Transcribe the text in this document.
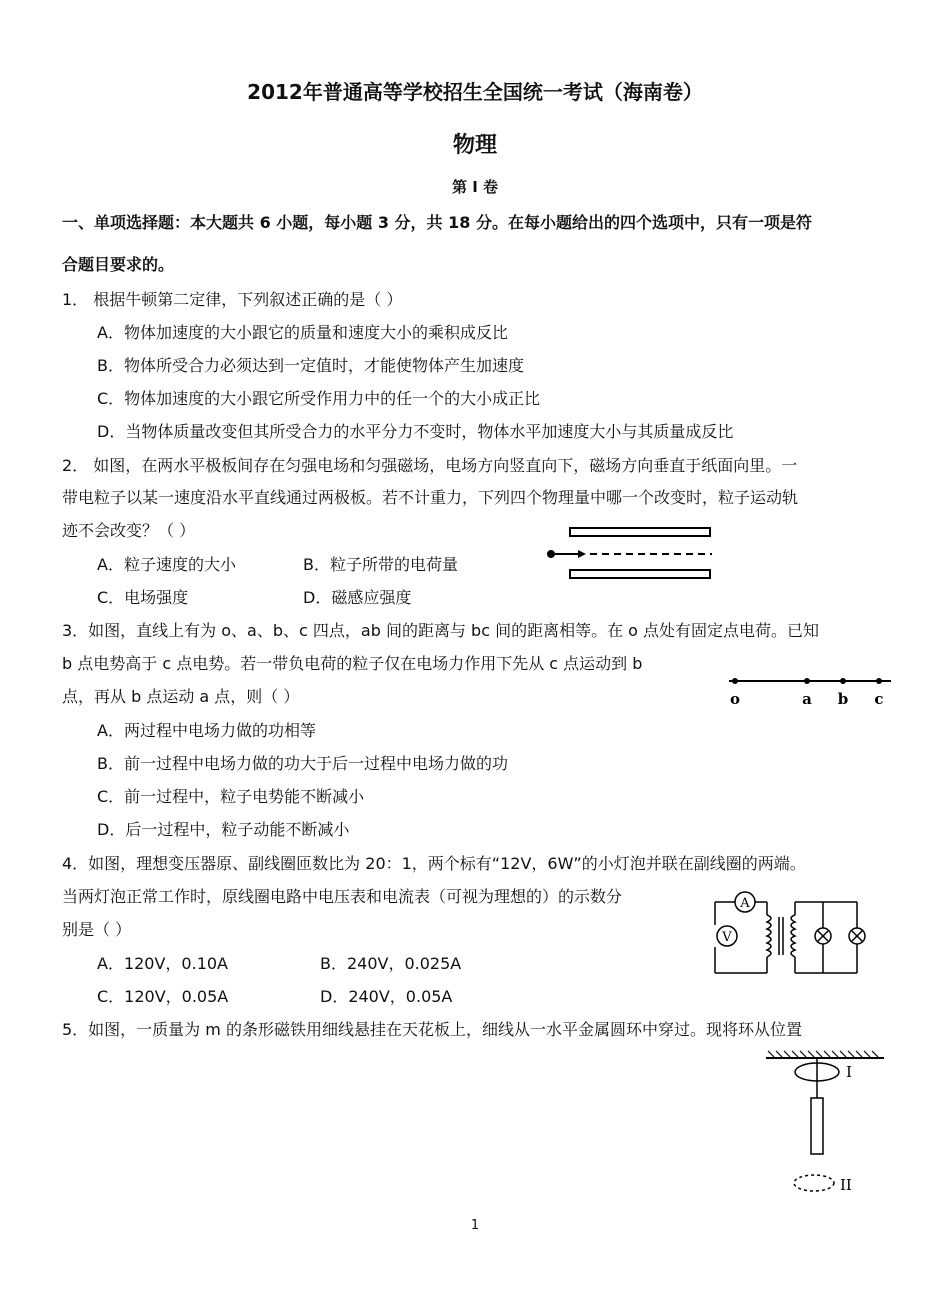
2012年普通高等学校招生全国统一考试（海南卷）
物理
第 I 卷
一、单项选择题：本大题共 6 小题，每小题 3 分，共 18 分。在每小题给出的四个选项中，只有一项是符
合题目要求的。
1． 根据牛顿第二定律，下列叙述正确的是（ ）
A．物体加速度的大小跟它的质量和速度大小的乘积成反比
B．物体所受合力必须达到一定值时，才能使物体产生加速度
C．物体加速度的大小跟它所受作用力中的任一个的大小成正比
D．当物体质量改变但其所受合力的水平分力不变时，物体水平加速度大小与其质量成反比
2． 如图，在两水平极板间存在匀强电场和匀强磁场，电场方向竖直向下，磁场方向垂直于纸面向里。一
带电粒子以某一速度沿水平直线通过两极板。若不计重力，下列四个物理量中哪一个改变时，粒子运动轨
迹不会改变？（ ）
A．粒子速度的大小	B．粒子所带的电荷量
C．电场强度	D．磁感应强度
3．如图，直线上有为 o、a、b、c 四点，ab 间的距离与 bc 间的距离相等。在 o 点处有固定点电荷。已知
b 点电势高于 c 点电势。若一带负电荷的粒子仅在电场力作用下先从 c 点运动到 b
点，再从 b 点运动 a 点，则（ ）
A．两过程中电场力做的功相等
B．前一过程中电场力做的功大于后一过程中电场力做的功
C．前一过程中，粒子电势能不断减小
D．后一过程中，粒子动能不断减小
o	a b c
4．如图，理想变压器原、副线圈匝数比为 20：1，两个标有“12V，6W”的小灯泡并联在副线圈的两端。
当两灯泡正常工作时，原线圈电路中电压表和电流表（可视为理想的）的示数分
别是（ ）
A．120V，0.10A	B．240V，0.025A
C．120V，0.05A	D．240V，0.05A
A
V
5．如图，一质量为 m 的条形磁铁用细线悬挂在天花板上，细线从一水平金属圆环中穿过。现将环从位置
I
II
1
